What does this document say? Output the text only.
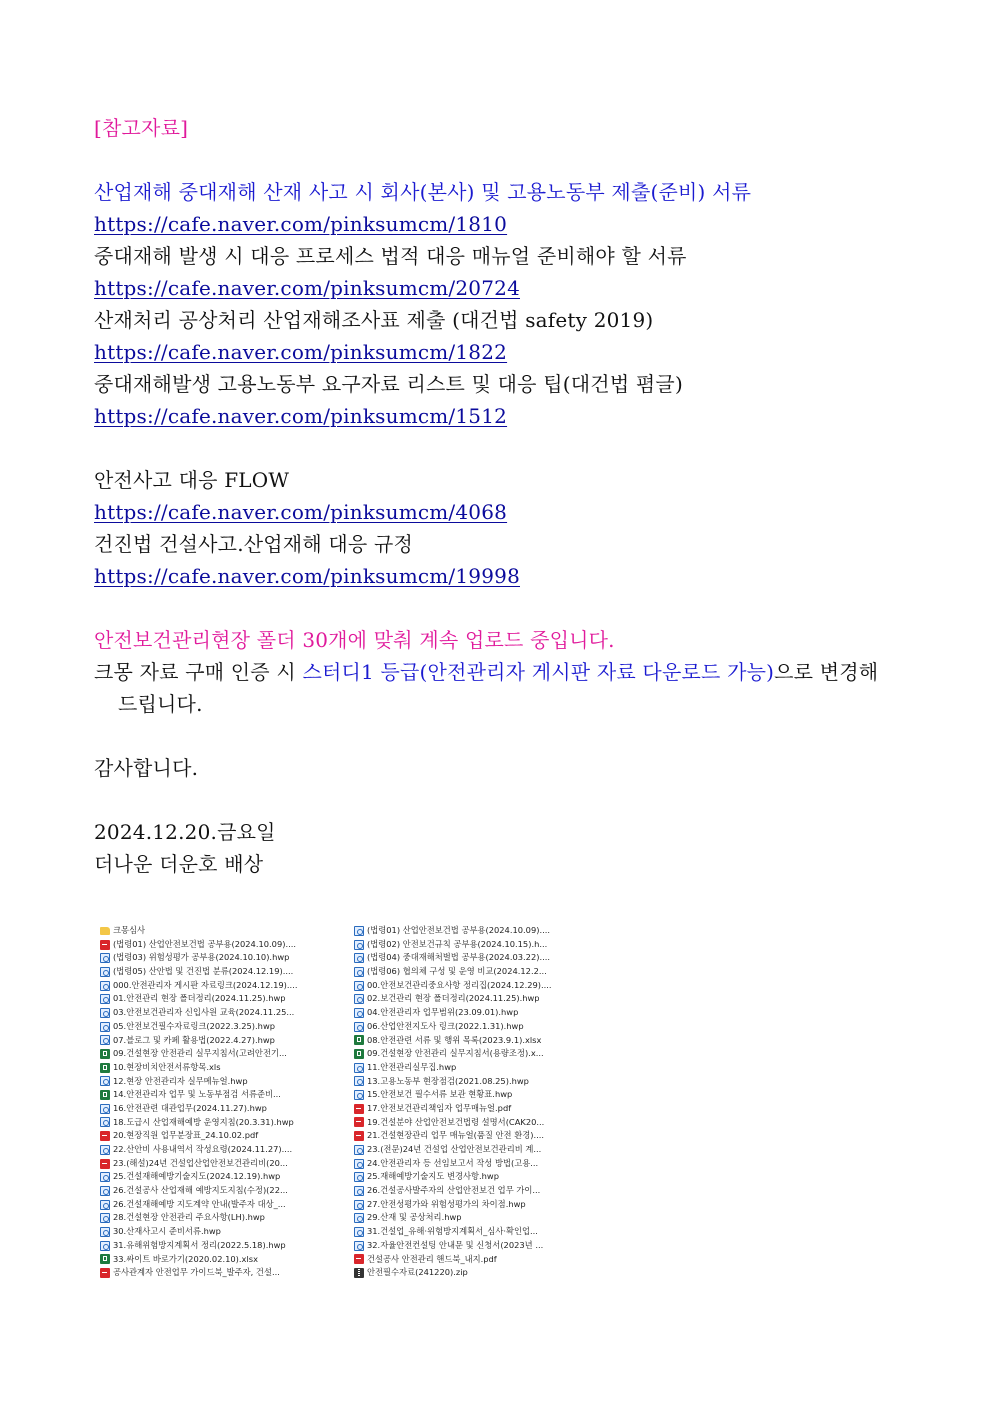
[참고자료]
산업재해 중대재해 산재 사고 시 회사(본사) 및 고용노동부 제출(준비) 서류
https://cafe.naver.com/pinksumcm/1810
중대재해 발생 시 대응 프로세스 법적 대응 매뉴얼 준비해야 할 서류
https://cafe.naver.com/pinksumcm/20724
산재처리 공상처리 산업재해조사표 제출 (대건법 safety 2019)
https://cafe.naver.com/pinksumcm/1822
중대재해발생 고용노동부 요구자료 리스트 및 대응 팁(대건법 폄글)
https://cafe.naver.com/pinksumcm/1512
안전사고 대응 FLOW
https://cafe.naver.com/pinksumcm/4068
건진법 건설사고.산업재해 대응 규정
https://cafe.naver.com/pinksumcm/19998
안전보건관리현장 폴더 30개에 맞춰 계속 업로드 중입니다.
크몽 자료 구매 인증 시 스터디1 등급(안전관리자 게시판 자료 다운로드 가능)으로 변경해
드립니다.
감사합니다.
2024.12.20.금요일
더나운 더운호 배상
크몽심사
(법령01) 산업안전보건법 공부용(2024.10.09)....
(법령03) 위험성평가 공부용(2024.10.10).hwp
(법령05) 산안법 및 건진법 분류(2024.12.19)....
000.안전관리자 게시판 자료링크(2024.12.19)....
01.안전관리 현장 폴더정리(2024.11.25).hwp
03.안전보건관리자 신입사원 교육(2024.11.25...
05.안전보건필수자료링크(2022.3.25).hwp
07.블로그 및 카페 활용법(2022.4.27).hwp
09.건설현장 안전관리 실무지침서(고려안전기...
10.현장비치안전서류항목.xls
12.현장 안전관리자 실무메뉴얼.hwp
14.안전관리자 업무 및 노동부점검 서류준비...
16.안전관련 대관업무(2024.11.27).hwp
18.도급시 산업재해예방 운영지침(20.3.31).hwp
20.현장직원 업무분장표_24.10.02.pdf
22.산안비 사용내역서 작성요령(2024.11.27)....
23.(해설)24년 건설업산업안전보건관리비(20...
25.건설재해예방기술지도(2024.12.19).hwp
26.건설공사 산업재해 예방지도지침(수정)(22...
26.건설재해예방 지도계약 안내(발주자 대상_...
28.건설현장 안전관리 주요사항(LH).hwp
30.산재사고시 준비서류.hwp
31.유해위험방지계획서 정리(2022.5.18).hwp
33.싸이트 바로가기(2020.02.10).xlsx
공사관계자 안전업무 가이드북_발주자, 건설...
(법령01) 산업안전보건법 공부용(2024.10.09)....
(법령02) 안전보건규칙 공부용(2024.10.15).h...
(법령04) 중대재해처벌법 공부용(2024.03.22)....
(법령06) 협의체 구성 및 운영 비교(2024.12.2...
00.안전보건관리중요사항 정리집(2024.12.29)....
02.보건관리 현장 폴더정리(2024.11.25).hwp
04.안전관리자 업무범위(23.09.01).hwp
06.산업안전지도사 링크(2022.1.31).hwp
08.안전관련 서류 및 행위 목록(2023.9.1).xlsx
09.건설현장 안전관리 실무지침서(용량조정).x...
11.안전관리실무집.hwp
13.고용노동부 현장점검(2021.08.25).hwp
15.안전보건 필수서류 보관 현황표.hwp
17.안전보건관리책임자 업무매뉴얼.pdf
19.건설분야 산업안전보건법령 설명서(CAK20...
21.건설현장관리 업무 매뉴얼(품질 안전 환경)....
23.(전문)24년 건설업 산업안전보건관리비 계...
24.안전관리자 등 선임보고서 작성 방법(고용...
25.재해예방기술지도 변경사항.hwp
26.건설공사발주자의 산업안전보건 업무 가이...
27.안전성평가와 위험성평가의 차이점.hwp
29.산재 및 공상처리.hwp
31.건설업_유해·위험방지계획서_심사·확인업...
32.자율안전컨설팅 안내문 및 신청서(2023년 ...
건설공사 안전관리 핸드북_내지.pdf
안전필수자료(241220).zip
